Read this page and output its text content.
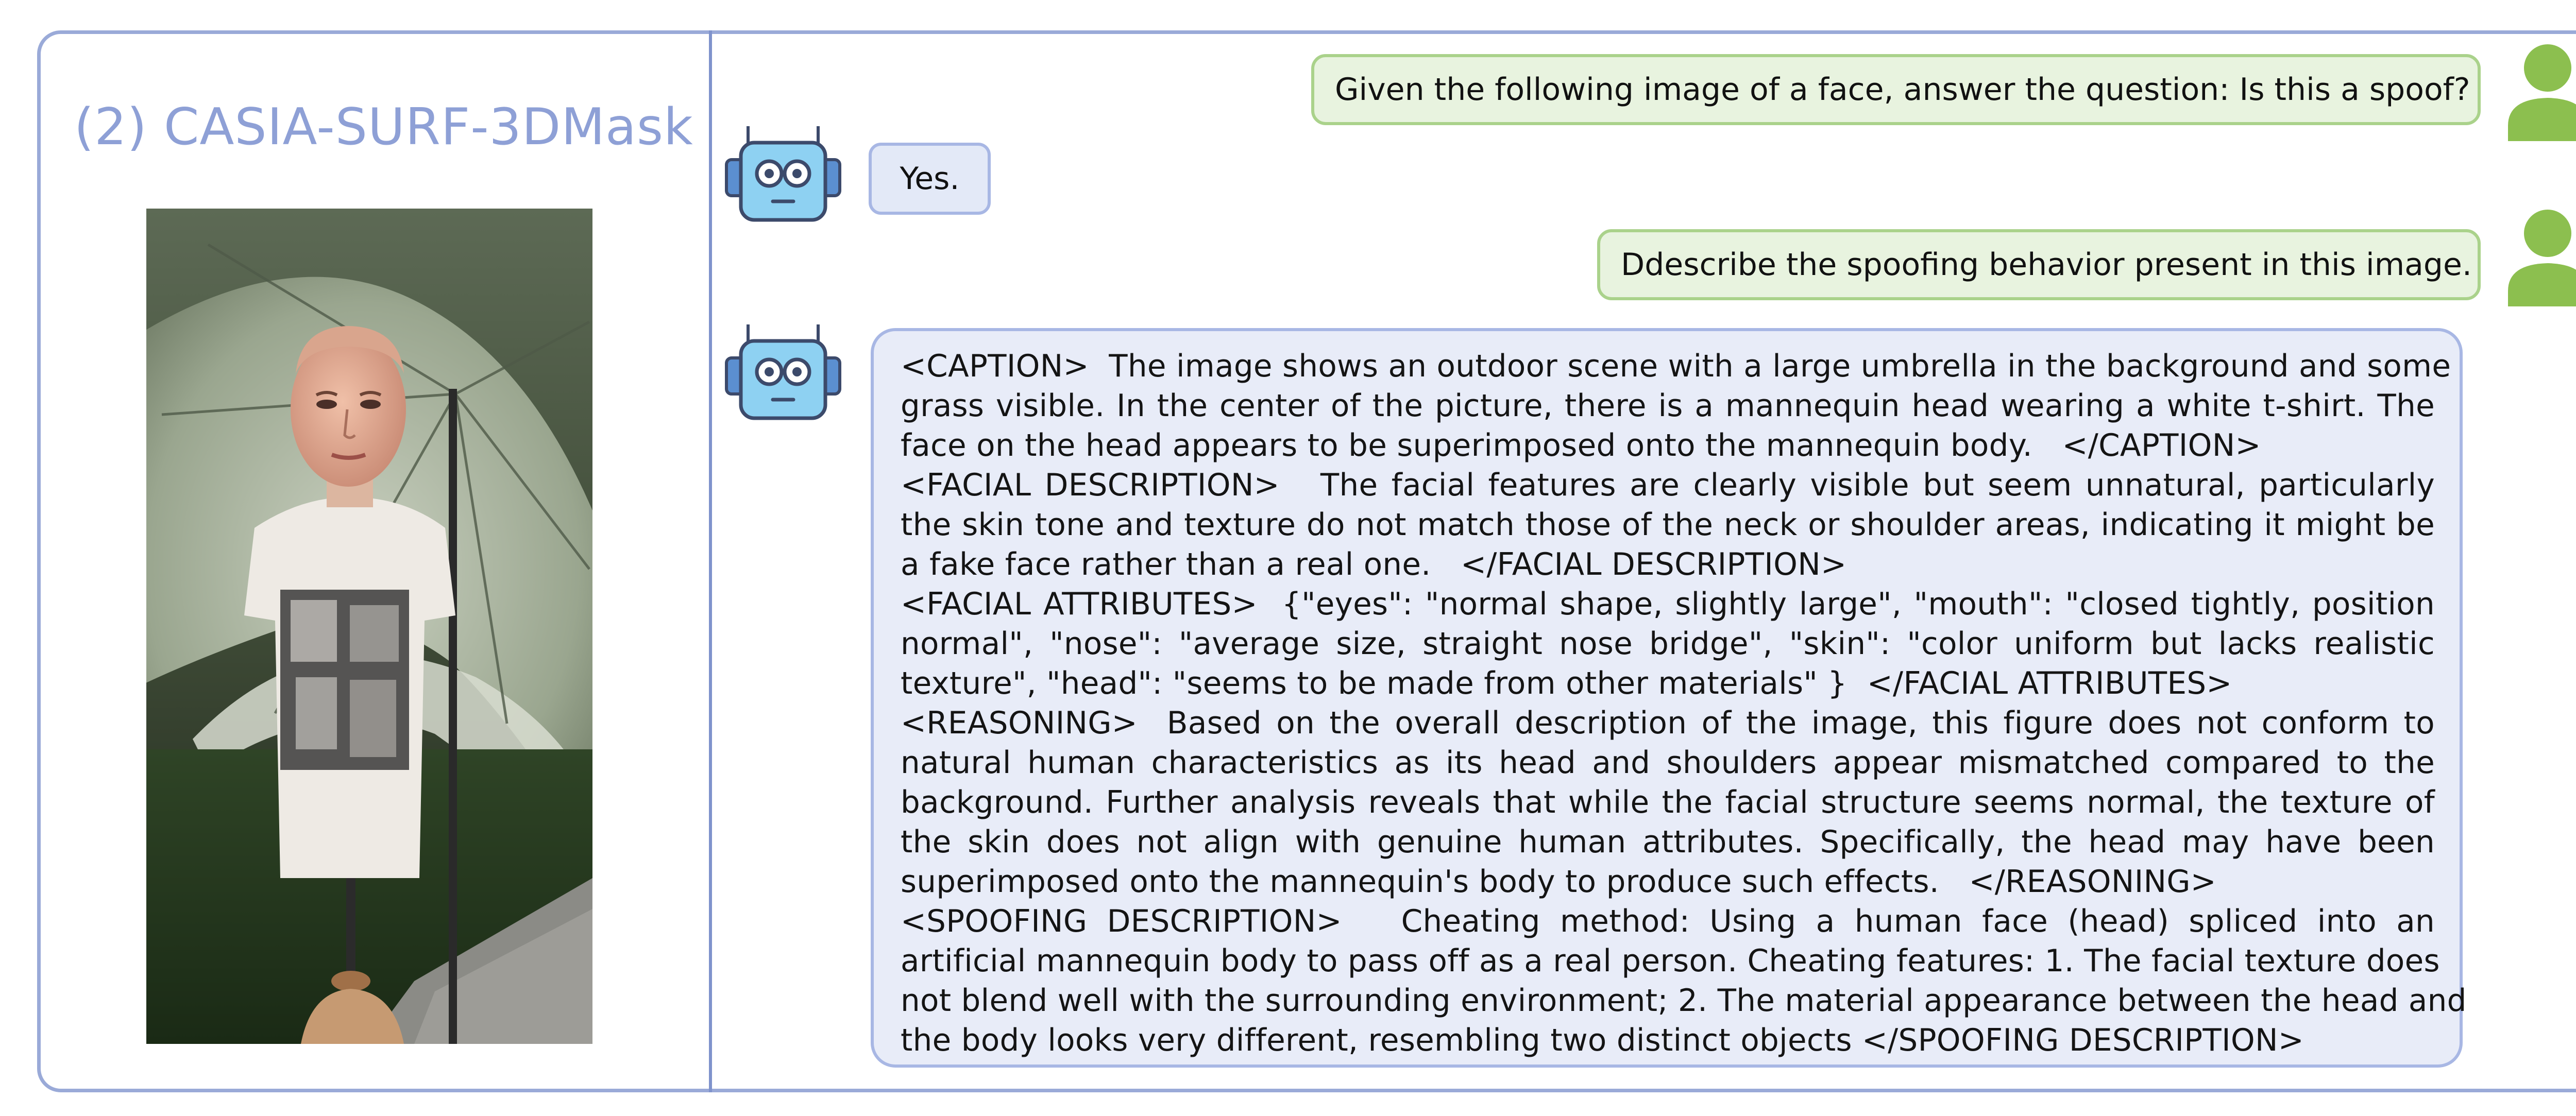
(2) CASIA-SURF-3DMask
Given the following image of a face, answer the question: Is this a spoof?
Yes.
Ddescribe the spoofing behavior present in this image.
<CAPTION>  The image shows an outdoor scene with a large umbrella in the background and some
grass visible. In the center of the picture, there is a mannequin head wearing a white t-shirt. The
face on the head appears to be superimposed onto the mannequin body.   </CAPTION>
<FACIAL DESCRIPTION>   The facial features are clearly visible but seem unnatural, particularly
the skin tone and texture do not match those of the neck or shoulder areas, indicating it might be
a fake face rather than a real one.   </FACIAL DESCRIPTION>
<FACIAL ATTRIBUTES>  {"eyes": "normal shape, slightly large", "mouth": "closed tightly, position
normal", "nose": "average size, straight nose bridge", "skin": "color uniform but lacks realistic
texture", "head": "seems to be made from other materials" }  </FACIAL ATTRIBUTES>
<REASONING>  Based on the overall description of the image, this figure does not conform to
natural human characteristics as its head and shoulders appear mismatched compared to the
background. Further analysis reveals that while the facial structure seems normal, the texture of
the skin does not align with genuine human attributes. Specifically, the head may have been
superimposed onto the mannequin's body to produce such effects.   </REASONING>
<SPOOFING DESCRIPTION>   Cheating method: Using a human face (head) spliced into an
artificial mannequin body to pass off as a real person. Cheating features: 1. The facial texture does
not blend well with the surrounding environment; 2. The material appearance between the head and
the body looks very different, resembling two distinct objects </SPOOFING DESCRIPTION>
